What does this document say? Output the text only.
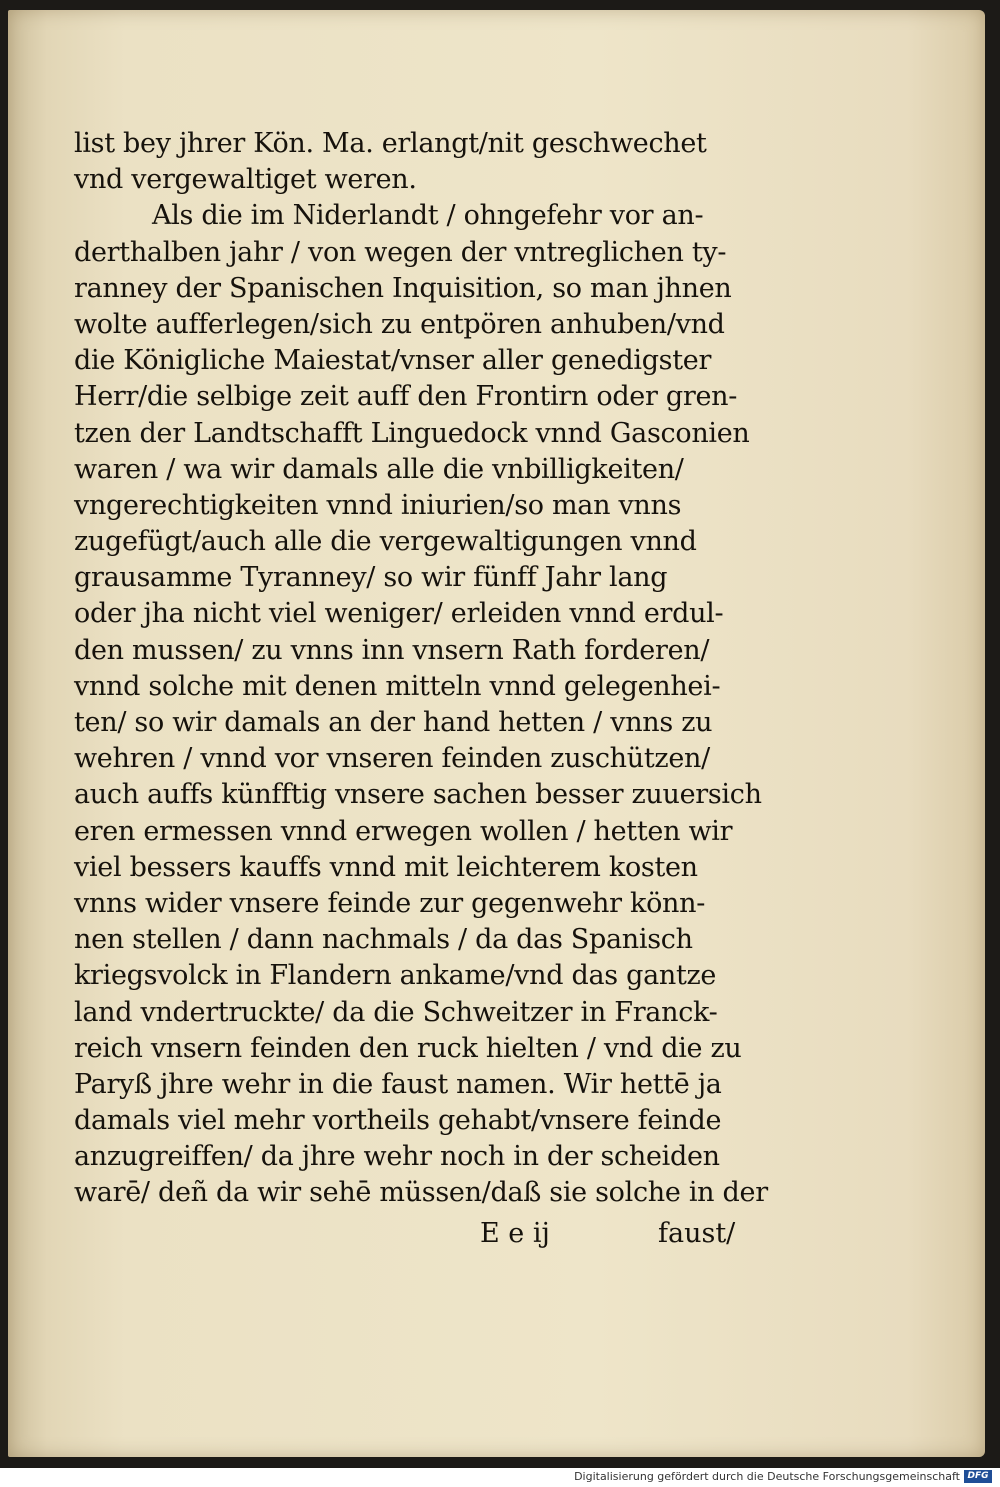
list bey jhrer Kön. Ma. erlangt/nit geschwechet
vnd vergewaltiget weren.
Als die im Niderlandt / ohngefehr vor an-
derthalben jahr / von wegen der vntreglichen ty-
ranney der Spanischen Inquisition, so man jhnen
wolte aufferlegen/sich zu entpören anhuben/vnd
die Königliche Maiestat/vnser aller genedigster
Herr/die selbige zeit auff den Frontirn oder gren-
tzen der Landtschafft Linguedock vnnd Gasconien
waren / wa wir damals alle die vnbilligkeiten/
vngerechtigkeiten vnnd iniurien/so man vnns
zugefügt/auch alle die vergewaltigungen vnnd
grausamme Tyranney/ so wir fünff Jahr lang
oder jha nicht viel weniger/ erleiden vnnd erdul-
den mussen/ zu vnns inn vnsern Rath forderen/
vnnd solche mit denen mitteln vnnd gelegenhei-
ten/ so wir damals an der hand hetten / vnns zu
wehren / vnnd vor vnseren feinden zuschützen/
auch auffs künfftig vnsere sachen besser zuuersich
eren ermessen vnnd erwegen wollen / hetten wir
viel bessers kauffs vnnd mit leichterem kosten
vnns wider vnsere feinde zur gegenwehr könn-
nen stellen / dann nachmals / da das Spanisch
kriegsvolck in Flandern ankame/vnd das gantze
land vndertruckte/ da die Schweitzer in Franck-
reich vnsern feinden den ruck hielten / vnd die zu
Paryß jhre wehr in die faust namen. Wir hettē ja
damals viel mehr vortheils gehabt/vnsere feinde
anzugreiffen/ da jhre wehr noch in der scheiden
warē/ deñ da wir sehē müssen/daß sie solche in der
E e ij	faust/
Digitalisierung gefördert durch die Deutsche Forschungsgemeinschaft DFG
